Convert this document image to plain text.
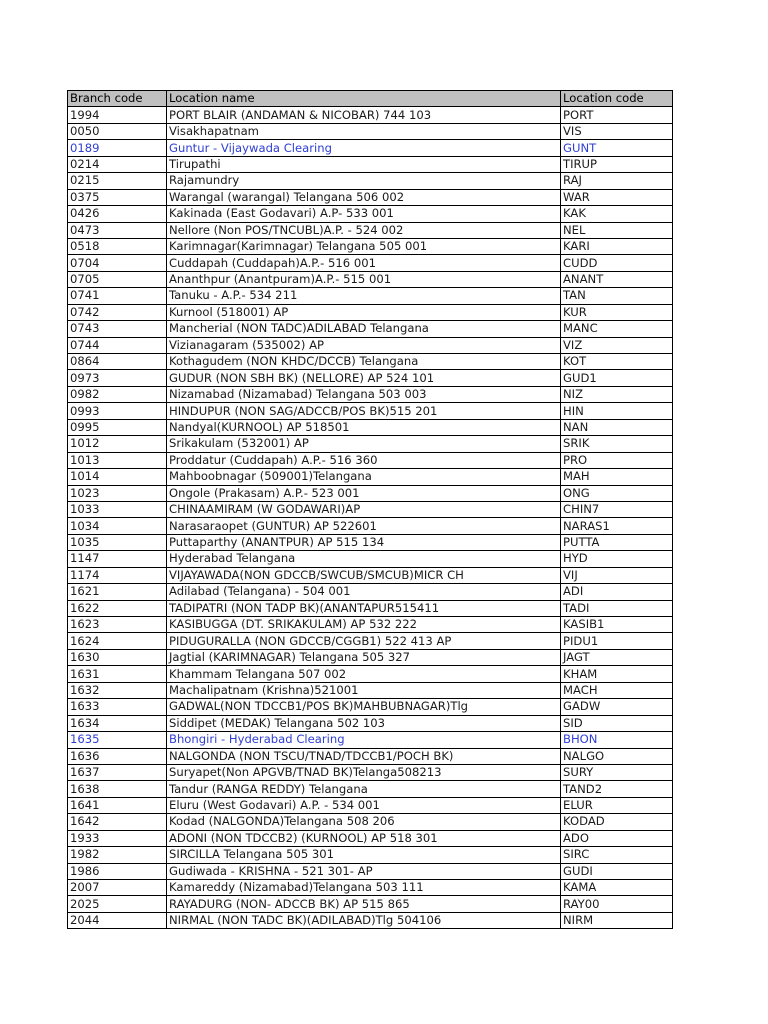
Branch code	Location name	Location code
1994	PORT BLAIR (ANDAMAN & NICOBAR) 744 103	PORT
0050	Visakhapatnam	VIS
0189	Guntur - Vijaywada Clearing	GUNT
0214	Tirupathi	TIRUP
0215	Rajamundry	RAJ
0375	Warangal (warangal) Telangana 506 002	WAR
0426	Kakinada (East Godavari) A.P- 533 001	KAK
0473	Nellore (Non POS/TNCUBL)A.P. - 524 002	NEL
0518	Karimnagar(Karimnagar) Telangana 505 001	KARI
0704	Cuddapah (Cuddapah)A.P.- 516 001	CUDD
0705	Ananthpur (Anantpuram)A.P.- 515 001	ANANT
0741	Tanuku - A.P.- 534 211	TAN
0742	Kurnool (518001) AP	KUR
0743	Mancherial (NON TADC)ADILABAD Telangana	MANC
0744	Vizianagaram (535002) AP	VIZ
0864	Kothagudem (NON KHDC/DCCB) Telangana	KOT
0973	GUDUR (NON SBH BK) (NELLORE) AP 524 101	GUD1
0982	Nizamabad (Nizamabad) Telangana 503 003	NIZ
0993	HINDUPUR (NON SAG/ADCCB/POS BK)515 201	HIN
0995	Nandyal(KURNOOL) AP 518501	NAN
1012	Srikakulam (532001) AP	SRIK
1013	Proddatur (Cuddapah) A.P.- 516 360	PRO
1014	Mahboobnagar (509001)Telangana	MAH
1023	Ongole (Prakasam) A.P.- 523 001	ONG
1033	CHINAAMIRAM (W GODAWARI)AP	CHIN7
1034	Narasaraopet (GUNTUR) AP 522601	NARAS1
1035	Puttaparthy (ANANTPUR) AP 515 134	PUTTA
1147	Hyderabad Telangana	HYD
1174	VIJAYAWADA(NON GDCCB/SWCUB/SMCUB)MICR CH	VIJ
1621	Adilabad (Telangana) - 504 001	ADI
1622	TADIPATRI (NON TADP BK)(ANANTAPUR515411	TADI
1623	KASIBUGGA (DT. SRIKAKULAM) AP 532 222	KASIB1
1624	PIDUGURALLA (NON GDCCB/CGGB1) 522 413 AP	PIDU1
1630	Jagtial (KARIMNAGAR) Telangana 505 327	JAGT
1631	Khammam Telangana 507 002	KHAM
1632	Machalipatnam (Krishna)521001	MACH
1633	GADWAL(NON TDCCB1/POS BK)MAHBUBNAGAR)Tlg	GADW
1634	Siddipet (MEDAK) Telangana 502 103	SID
1635	Bhongiri - Hyderabad Clearing	BHON
1636	NALGONDA (NON TSCU/TNAD/TDCCB1/POCH BK)	NALGO
1637	Suryapet(Non APGVB/TNAD BK)Telanga508213	SURY
1638	Tandur (RANGA REDDY) Telangana	TAND2
1641	Eluru (West Godavari) A.P. - 534 001	ELUR
1642	Kodad (NALGONDA)Telangana 508 206	KODAD
1933	ADONI (NON TDCCB2) (KURNOOL) AP 518 301	ADO
1982	SIRCILLA Telangana 505 301	SIRC
1986	Gudiwada - KRISHNA - 521 301- AP	GUDI
2007	Kamareddy (Nizamabad)Telangana 503 111	KAMA
2025	RAYADURG (NON- ADCCB BK) AP 515 865	RAY00
2044	NIRMAL (NON TADC BK)(ADILABAD)Tlg 504106	NIRM
